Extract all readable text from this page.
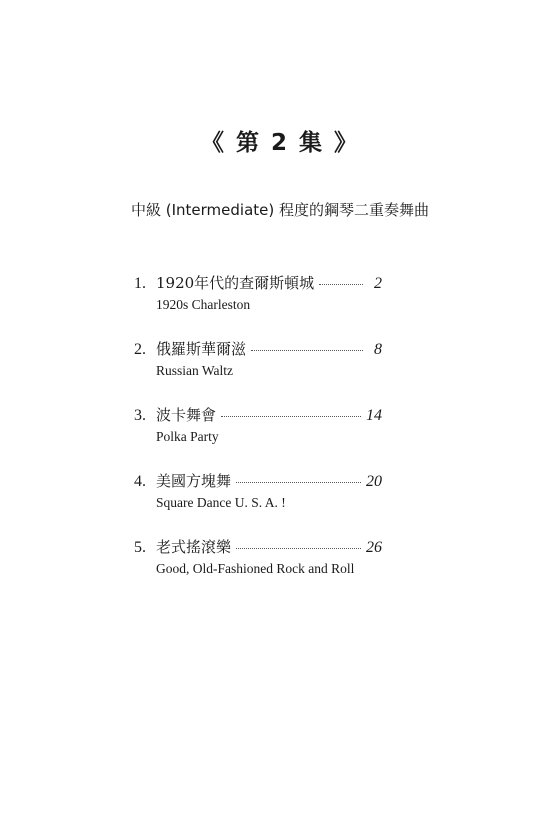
《 第 2 集 》
中級 (Intermediate) 程度的鋼琴二重奏舞曲
1. 1920年代的查爾斯頓城	2
1920s Charleston
2. 俄羅斯華爾滋	8
Russian Waltz
3. 波卡舞會	14
Polka Party
4. 美國方塊舞	20
Square Dance U. S. A. !
5. 老式搖滾樂	26
Good, Old-Fashioned Rock and Roll
